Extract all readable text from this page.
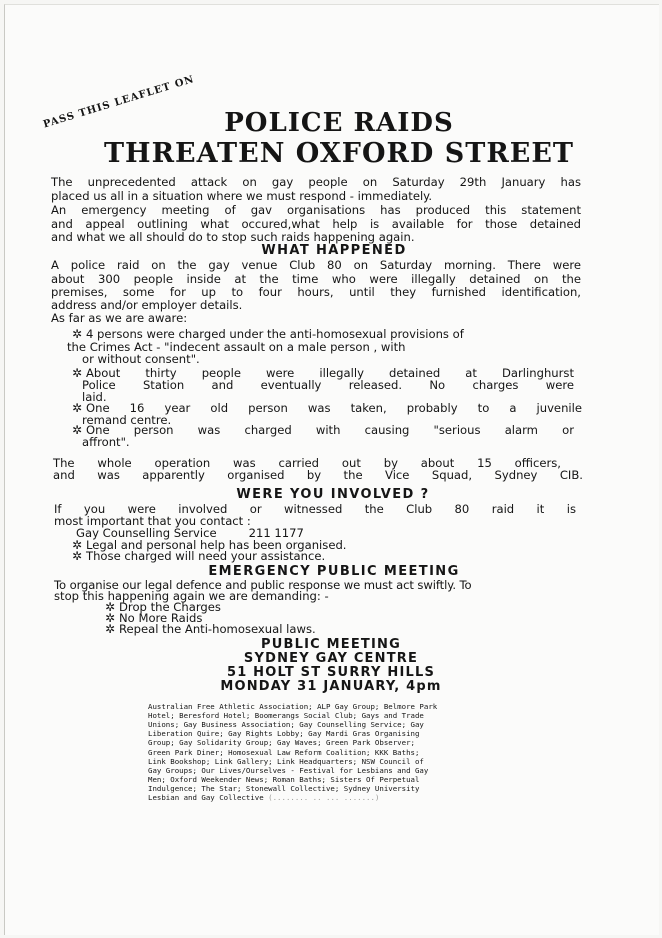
PASS THIS LEAFLET ON	POLICE RAIDS
THREATEN OXFORD STREET
The unprecedented attack on gay people on Saturday 29th January has
placed us all in a situation where we must respond - immediately.
An emergency meeting of gav organisations has produced this statement
and appeal outlining what occured,what help is available for those detained
and what we all should do to stop such raids happening again.
WHAT HAPPENED
A police raid on the gay venue Club 80 on Saturday morning. There were
about 300 people inside at the time who were illegally detained on the
premises, some for up to four hours, until they furnished identification,
address and/or employer details.
As far as we are aware:
✲ 4 persons were charged under the anti-homosexual provisions of
the Crimes Act - "indecent assault on a male person , with
or without consent".
✲ About thirty people were illegally detained at Darlinghurst
Police Station and eventually released. No charges were
laid.
✲ One 16 year old person was taken, probably to a juvenile
remand centre.
✲ One person was charged with causing "serious alarm or
affront".
The whole operation was carried out by about 15 officers,
and was apparently organised by the Vice Squad, Sydney CIB.
WERE YOU INVOLVED ?
If you were involved or witnessed the Club 80 raid it is
most important that you contact :
Gay Counselling Service	211 1177
✲ Legal and personal help has been organised.
✲ Those charged will need your assistance.
EMERGENCY PUBLIC MEETING
To organise our legal defence and public response we must act swiftly. To
stop this happening again we are demanding: -
✲ Drop the Charges
✲ No More Raids
✲ Repeal the Anti-homosexual laws.
PUBLIC MEETING
SYDNEY GAY CENTRE
51 HOLT ST SURRY HILLS
MONDAY 31 JANUARY, 4pm
Australian Free Athletic Association; ALP Gay Group; Belmore Park
Hotel; Beresford Hotel; Boomerangs Social Club; Gays and Trade
Unions; Gay Business Association; Gay Counselling Service; Gay
Liberation Quire; Gay Rights Lobby; Gay Mardi Gras Organising
Group; Gay Solidarity Group; Gay Waves; Green Park Observer;
Green Park Diner; Homosexual Law Reform Coalition; KKK Baths;
Link Bookshop; Link Gallery; Link Headquarters; NSW Council of
Gay Groups; Our Lives/Ourselves - Festival for Lesbians and Gay
Men; Oxford Weekender News; Roman Baths; Sisters Of Perpetual
Indulgence; The Star; Stonewall Collective; Sydney University
Lesbian and Gay Collective (........ .. ... .......)
